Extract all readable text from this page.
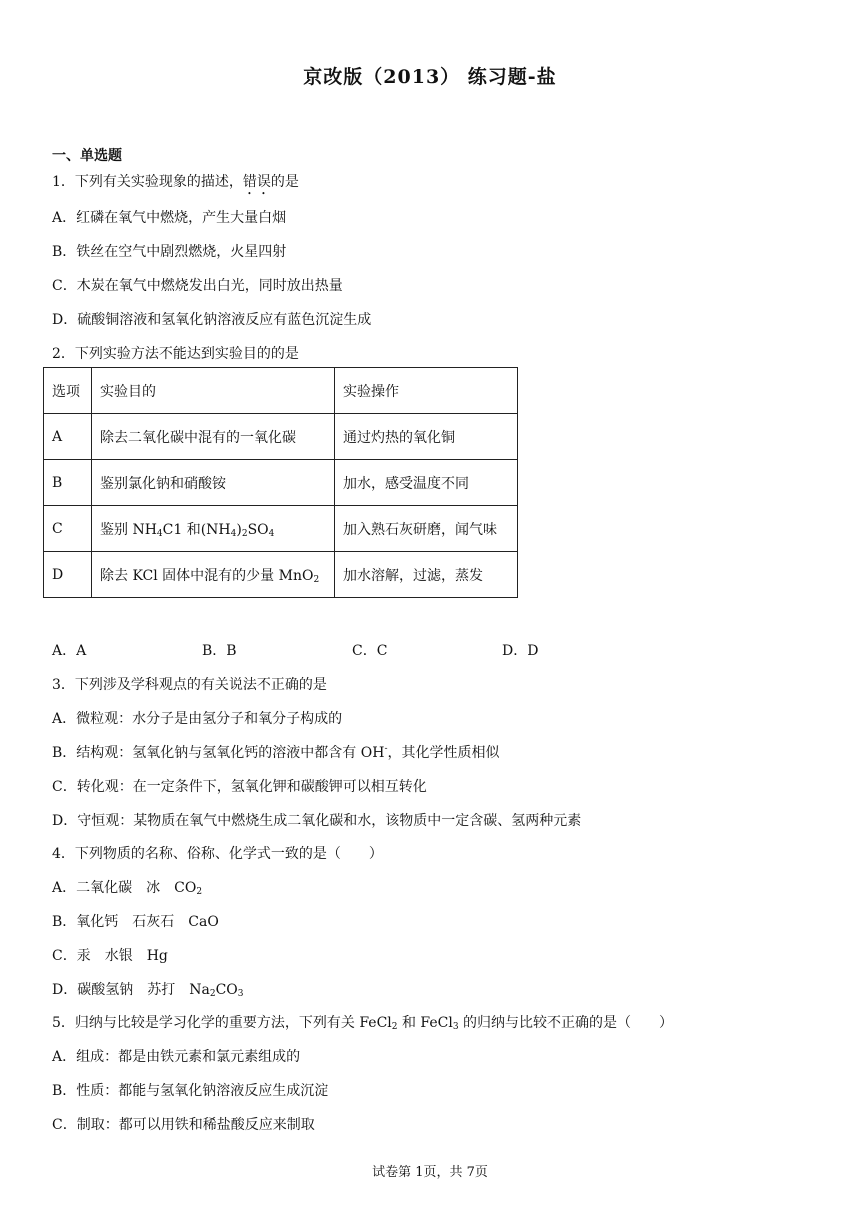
京改版（2013） 练习题-盐
一、单选题
1．下列有关实验现象的描述，错误的是
A．红磷在氧气中燃烧，产生大量白烟
B．铁丝在空气中剧烈燃烧，火星四射
C．木炭在氧气中燃烧发出白光，同时放出热量
D．硫酸铜溶液和氢氧化钠溶液反应有蓝色沉淀生成
2．下列实验方法不能达到实验目的的是
选项	实验目的	实验操作
A	除去二氧化碳中混有的一氧化碳	通过灼热的氧化铜
B	鉴别氯化钠和硝酸铵	加水，感受温度不同
C	鉴别 $NH_4C1$ 和$(NH_4)_2SO_4$	加入熟石灰研磨，闻气味
D	除去 KCl 固体中混有的少量 MnO$_2$	加水溶解，过滤，蒸发
A．A	B．B	C．C	D．D
3．下列涉及学科观点的有关说法不正确的是
A．微粒观：水分子是由氢分子和氧分子构成的
B．结构观：氢氧化钠与氢氧化钙的溶液中都含有 OH-，其化学性质相似
C．转化观：在一定条件下，氢氧化钾和碳酸钾可以相互转化
D．守恒观：某物质在氧气中燃烧生成二氧化碳和水，该物质中一定含碳、氢两种元素
4．下列物质的名称、俗称、化学式一致的是（　　）
A．二氧化碳　冰　$CO_2$
B．氧化钙　石灰石　CaO
C．汞　水银　Hg
D．碳酸氢钠　苏打　$Na_2CO_3$
5．归纳与比较是学习化学的重要方法，下列有关 FeCl$_2$ 和 FeCl$_3$ 的归纳与比较不正确的是（　　）
A．组成：都是由铁元素和氯元素组成的
B．性质：都能与氢氧化钠溶液反应生成沉淀
C．制取：都可以用铁和稀盐酸反应来制取
试卷第 1页，共 7页
